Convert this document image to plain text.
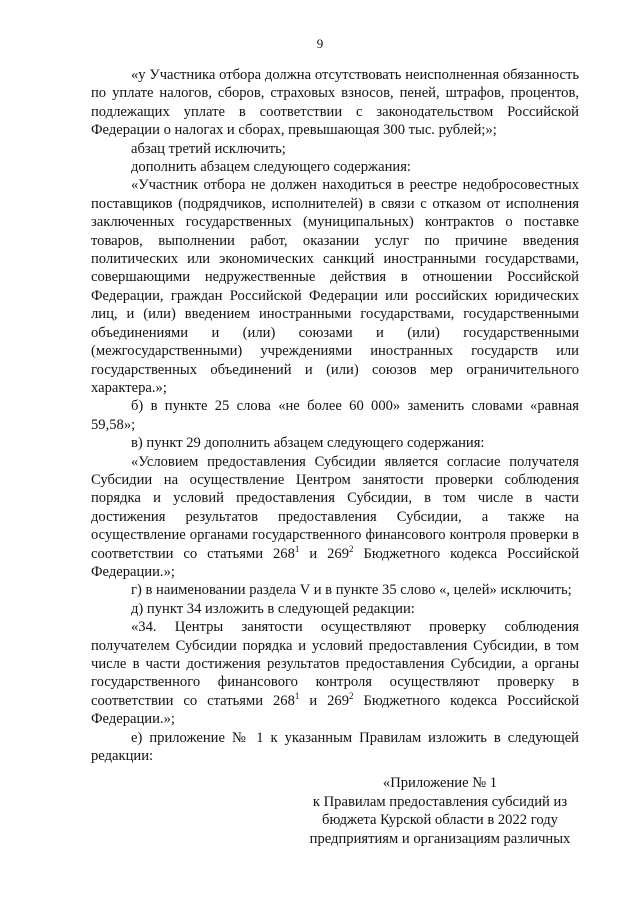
9

«у Участника отбора должна отсутствовать неисполненная обязанность по уплате налогов, сборов, страховых взносов, пеней, штрафов, процентов, подлежащих уплате в соответствии с законодательством Российской Федерации о налогах и сборах, превышающая 300 тыс. рублей;»;

абзац третий исключить;

дополнить абзацем следующего содержания:

«Участник отбора не должен находиться в реестре недобросовестных поставщиков (подрядчиков, исполнителей) в связи с отказом от исполнения заключенных государственных (муниципальных) контрактов о поставке товаров, выполнении работ, оказании услуг по причине введения политических или экономических санкций иностранными государствами, совершающими недружественные действия в отношении Российской Федерации, граждан Российской Федерации или российских юридических лиц, и (или) введением иностранными государствами, государственными объединениями и (или) союзами и (или) государственными (межгосударственными) учреждениями иностранных государств или государственных объединений и (или) союзов мер ограничительного характера.»;

б) в пункте 25 слова «не более 60 000» заменить словами «равная 59,58»;

в) пункт 29 дополнить абзацем следующего содержания:

«Условием предоставления Субсидии является согласие получателя Субсидии на осуществление Центром занятости проверки соблюдения порядка и условий предоставления Субсидии, в том числе в части достижения результатов предоставления Субсидии, а также на осуществление органами государственного финансового контроля проверки в соответствии со статьями $268^1$ и $269^2$ Бюджетного кодекса Российской Федерации.»;

г) в наименовании раздела V и в пункте 35 слово «, целей» исключить;

д) пункт 34 изложить в следующей редакции:

«34. Центры занятости осуществляют проверку соблюдения получателем Субсидии порядка и условий предоставления Субсидии, в том числе в части достижения результатов предоставления Субсидии, а органы государственного финансового контроля осуществляют проверку в соответствии со статьями $268^1$ и $269^2$ Бюджетного кодекса Российской Федерации.»;

е) приложение № 1 к указанным Правилам изложить в следующей редакции:

«Приложение № 1
к Правилам предоставления субсидий из
бюджета Курской области в 2022 году
предприятиям и организациям различных
